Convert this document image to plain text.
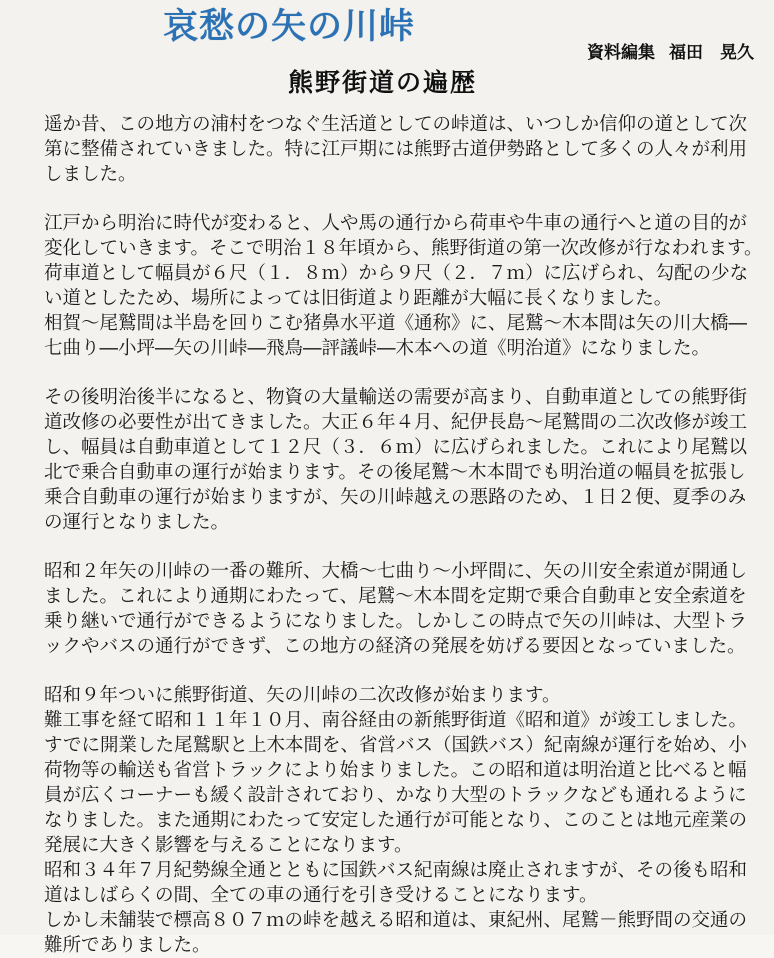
哀愁の矢の川峠
資料編集 福田　晃久
熊野街道の遍歴
遥か昔、この地方の浦村をつなぐ生活道としての峠道は、いつしか信仰の道として次
第に整備されていきました。特に江戸期には熊野古道伊勢路として多くの人々が利用
しました。
江戸から明治に時代が変わると、人や馬の通行から荷車や牛車の通行へと道の目的が
変化していきます。そこで明治１８年頃から、熊野街道の第一次改修が行なわれます。
荷車道として幅員が６尺（１．８ｍ）から９尺（２．７ｍ）に広げられ、勾配の少な
い道としたため、場所によっては旧街道より距離が大幅に長くなりました。
相賀～尾鷲間は半島を回りこむ猪鼻水平道《通称》に、尾鷲～木本間は矢の川大橋―
七曲り―小坪―矢の川峠―飛鳥―評議峠―木本への道《明治道》になりました。
その後明治後半になると、物資の大量輸送の需要が高まり、自動車道としての熊野街
道改修の必要性が出てきました。大正６年４月、紀伊長島～尾鷲間の二次改修が竣工
し、幅員は自動車道として１２尺（３．６ｍ）に広げられました。これにより尾鷲以
北で乗合自動車の運行が始まります。その後尾鷲～木本間でも明治道の幅員を拡張し
乗合自動車の運行が始まりますが、矢の川峠越えの悪路のため、１日２便、夏季のみ
の運行となりました。
昭和２年矢の川峠の一番の難所、大橋～七曲り～小坪間に、矢の川安全索道が開通し
ました。これにより通期にわたって、尾鷲～木本間を定期で乗合自動車と安全索道を
乗り継いで通行ができるようになりました。しかしこの時点で矢の川峠は、大型トラ
ックやバスの通行ができず、この地方の経済の発展を妨げる要因となっていました。
昭和９年ついに熊野街道、矢の川峠の二次改修が始まります。
難工事を経て昭和１１年１０月、南谷経由の新熊野街道《昭和道》が竣工しました。
すでに開業した尾鷲駅と上木本間を、省営バス（国鉄バス）紀南線が運行を始め、小
荷物等の輸送も省営トラックにより始まりました。この昭和道は明治道と比べると幅
員が広くコーナーも緩く設計されており、かなり大型のトラックなども通れるように
なりました。また通期にわたって安定した通行が可能となり、このことは地元産業の
発展に大きく影響を与えることになります。
昭和３４年７月紀勢線全通とともに国鉄バス紀南線は廃止されますが、その後も昭和
道はしばらくの間、全ての車の通行を引き受けることになります。
しかし未舗装で標高８０７ｍの峠を越える昭和道は、東紀州、尾鷲－熊野間の交通の
難所でありました。
